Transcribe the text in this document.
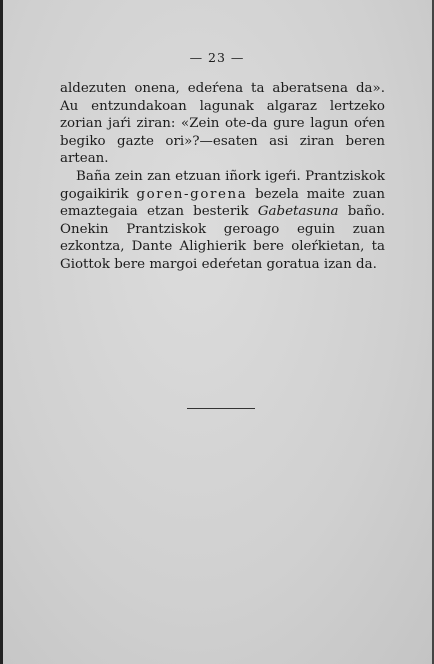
— 23 —

aldezuten onena, edeŕena ta aberatsena da». Au entzundakoan lagunak algaraz lertzeko zorian jaŕi ziran: «Zein ote-da gure lagun oŕen begiko gazte ori»?—esaten asi ziran beren artean.

Baña zein zan etzuan iñork igeŕi. Prantziskok gogaikirik goren-gorena bezela maite zuan emaztegaia etzan besterik Gabetasuna baño. Onekin Prantziskok geroago eguin zuan ezkontza, Dante Alighierik bere oleŕkietan, ta Giottok bere margoi edeŕetan goratua izan da.
